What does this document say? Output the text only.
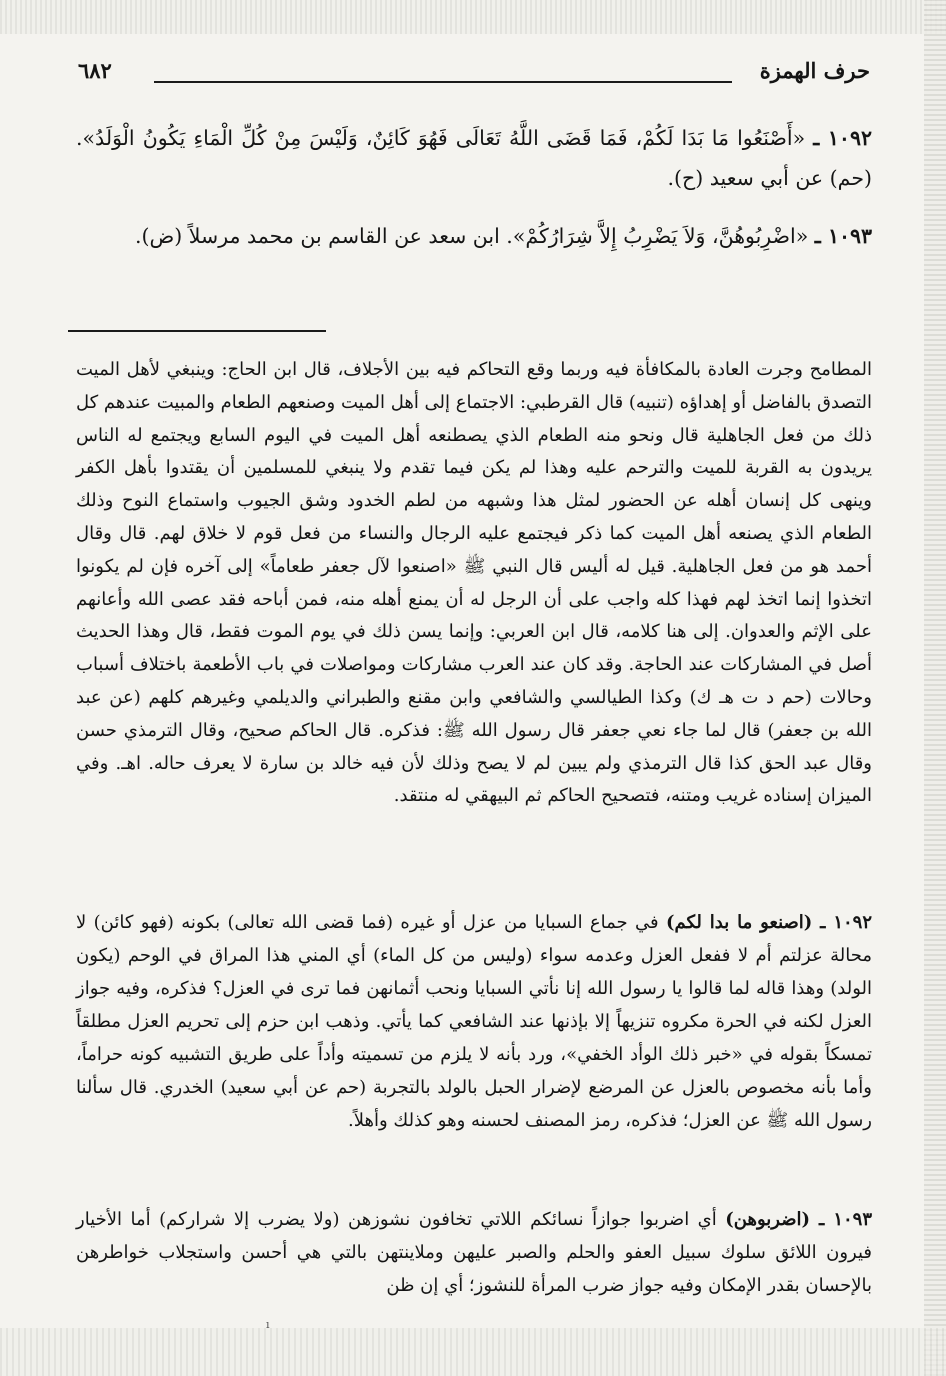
حرف الهمزة
٦٨٢
١٠٩٢ ـ «أَصْنَعُوا مَا بَدَا لَكُمْ، فَمَا قَضَى اللَّهُ تَعَالَى فَهُوَ كَائِنٌ، وَلَيْسَ مِنْ كُلِّ الْمَاءِ يَكُونُ الْوَلَدُ». (حم) عن أبي سعيد (ح).
١٠٩٣ ـ «اضْرِبُوهُنَّ، وَلاَ يَضْرِبُ إِلاَّ شِرَارُكُمْ». ابن سعد عن القاسم بن محمد مرسلاً (ض).
المطامح وجرت العادة بالمكافأة فيه وربما وقع التحاكم فيه بين الأجلاف، قال ابن الحاج: وينبغي لأهل الميت التصدق بالفاضل أو إهداؤه (تنبيه) قال القرطبي: الاجتماع إلى أهل الميت وصنعهم الطعام والمبيت عندهم كل ذلك من فعل الجاهلية قال ونحو منه الطعام الذي يصطنعه أهل الميت في اليوم السابع ويجتمع له الناس يريدون به القربة للميت والترحم عليه وهذا لم يكن فيما تقدم ولا ينبغي للمسلمين أن يقتدوا بأهل الكفر وينهى كل إنسان أهله عن الحضور لمثل هذا وشبهه من لطم الخدود وشق الجيوب واستماع النوح وذلك الطعام الذي يصنعه أهل الميت كما ذكر فيجتمع عليه الرجال والنساء من فعل قوم لا خلاق لهم. قال وقال أحمد هو من فعل الجاهلية. قيل له أليس قال النبي ﷺ «اصنعوا لآل جعفر طعاماً» إلى آخره فإن لم يكونوا اتخذوا إنما اتخذ لهم فهذا كله واجب على أن الرجل له أن يمنع أهله منه، فمن أباحه فقد عصى الله وأعانهم على الإثم والعدوان. إلى هنا كلامه، قال ابن العربي: وإنما يسن ذلك في يوم الموت فقط، قال وهذا الحديث أصل في المشاركات عند الحاجة. وقد كان عند العرب مشاركات ومواصلات في باب الأطعمة باختلاف أسباب وحالات (حم د ت هـ ك) وكذا الطيالسي والشافعي وابن مقنع والطبراني والديلمي وغيرهم كلهم (عن عبد الله بن جعفر) قال لما جاء نعي جعفر قال رسول الله ﷺ: فذكره. قال الحاكم صحيح، وقال الترمذي حسن وقال عبد الحق كذا قال الترمذي ولم يبين لم لا يصح وذلك لأن فيه خالد بن سارة لا يعرف حاله. اهـ. وفي الميزان إسناده غريب ومتنه، فتصحيح الحاكم ثم البيهقي له منتقد.
١٠٩٢ ـ (اصنعو ما بدا لكم) في جماع السبايا من عزل أو غيره (فما قضى الله تعالى) بكونه (فهو كائن) لا محالة عزلتم أم لا ففعل العزل وعدمه سواء (وليس من كل الماء) أي المني هذا المراق في الوحم (يكون الولد) وهذا قاله لما قالوا يا رسول الله إنا نأتي السبايا ونحب أثمانهن فما ترى في العزل؟ فذكره، وفيه جواز العزل لكنه في الحرة مكروه تنزيهاً إلا بإذنها عند الشافعي كما يأتي. وذهب ابن حزم إلى تحريم العزل مطلقاً تمسكاً بقوله في «خبر ذلك الوأد الخفي»، ورد بأنه لا يلزم من تسميته وأداً على طريق التشبيه كونه حراماً، وأما بأنه مخصوص بالعزل عن المرضع لإضرار الحبل بالولد بالتجربة (حم عن أبي سعيد) الخدري. قال سألنا رسول الله ﷺ عن العزل؛ فذكره، رمز المصنف لحسنه وهو كذلك وأهلاً.
١٠٩٣ ـ (اضربوهن) أي اضربوا جوازاً نسائكم اللاتي تخافون نشوزهن (ولا يضرب إلا شراركم) أما الأخيار فيرون اللائق سلوك سبيل العفو والحلم والصبر عليهن وملاينتهن بالتي هي أحسن واستجلاب خواطرهن بالإحسان بقدر الإمكان وفيه جواز ضرب المرأة للنشوز؛ أي إن ظن
ı
